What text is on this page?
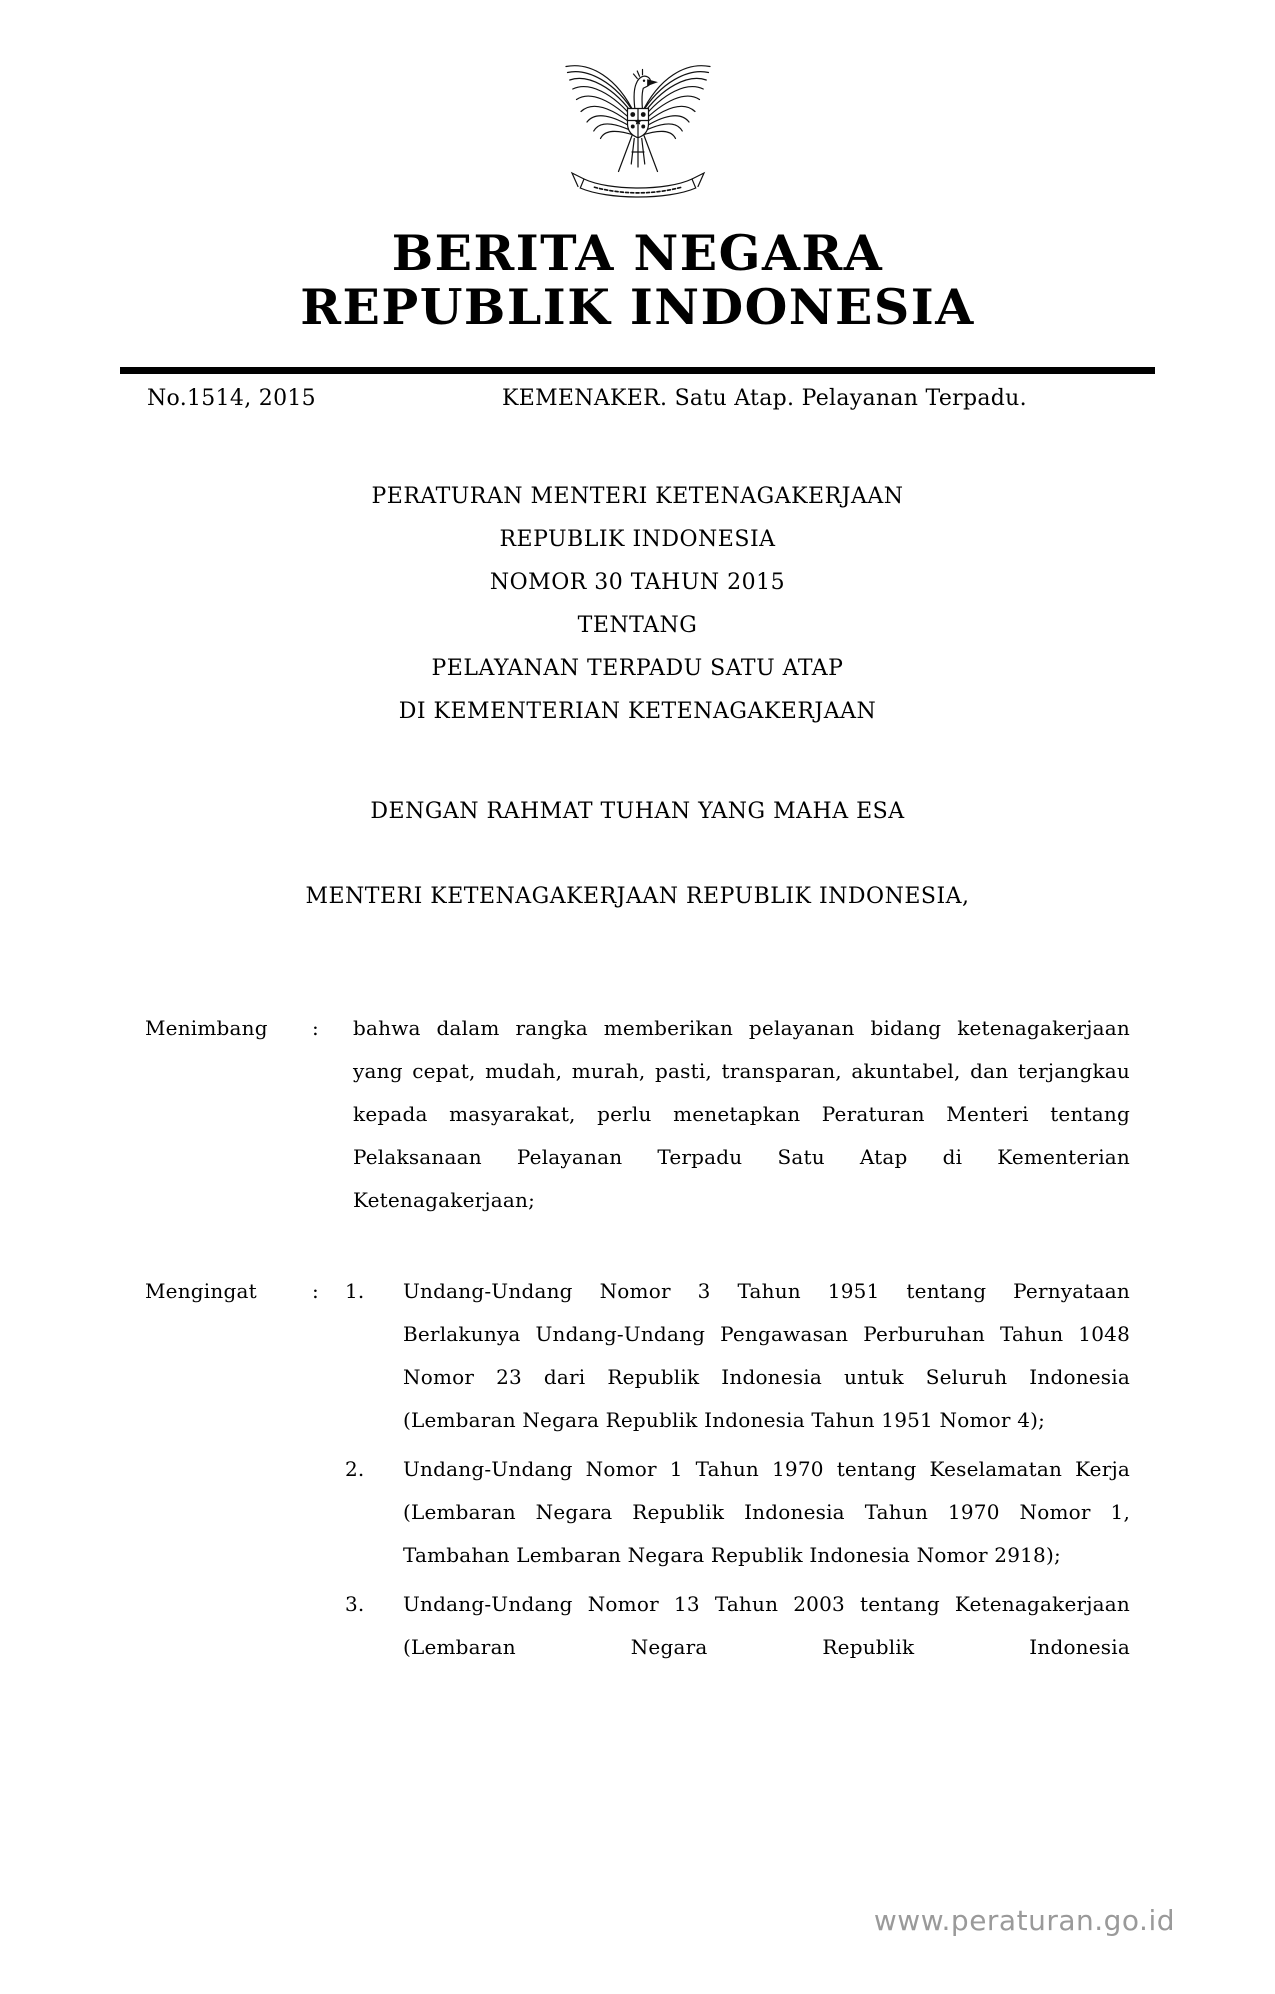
BERITA NEGARA
REPUBLIK INDONESIA
No.1514, 2015	KEMENAKER. Satu Atap. Pelayanan Terpadu.
PERATURAN MENTERI KETENAGAKERJAAN
REPUBLIK INDONESIA
NOMOR 30 TAHUN 2015
TENTANG
PELAYANAN TERPADU SATU ATAP
DI KEMENTERIAN KETENAGAKERJAAN
DENGAN RAHMAT TUHAN YANG MAHA ESA
MENTERI KETENAGAKERJAAN REPUBLIK INDONESIA,
Menimbang	:	bahwa dalam rangka memberikan pelayanan bidang ketenagakerjaan yang cepat, mudah, murah, pasti, transparan, akuntabel, dan terjangkau kepada masyarakat, perlu menetapkan Peraturan Menteri tentang Pelaksanaan Pelayanan Terpadu Satu Atap di Kementerian Ketenagakerjaan;
Mengingat	:	1.	Undang-Undang Nomor 3 Tahun 1951 tentang Pernyataan Berlakunya Undang-Undang Pengawasan Perburuhan Tahun 1048 Nomor 23 dari Republik Indonesia untuk Seluruh Indonesia (Lembaran Negara Republik Indonesia Tahun 1951 Nomor 4);
2.	Undang-Undang Nomor 1 Tahun 1970 tentang Keselamatan Kerja (Lembaran Negara Republik Indonesia Tahun 1970 Nomor 1, Tambahan Lembaran Negara Republik Indonesia Nomor 2918);
3.	Undang-Undang Nomor 13 Tahun 2003 tentang Ketenagakerjaan (Lembaran Negara Republik Indonesia
www.peraturan.go.id
